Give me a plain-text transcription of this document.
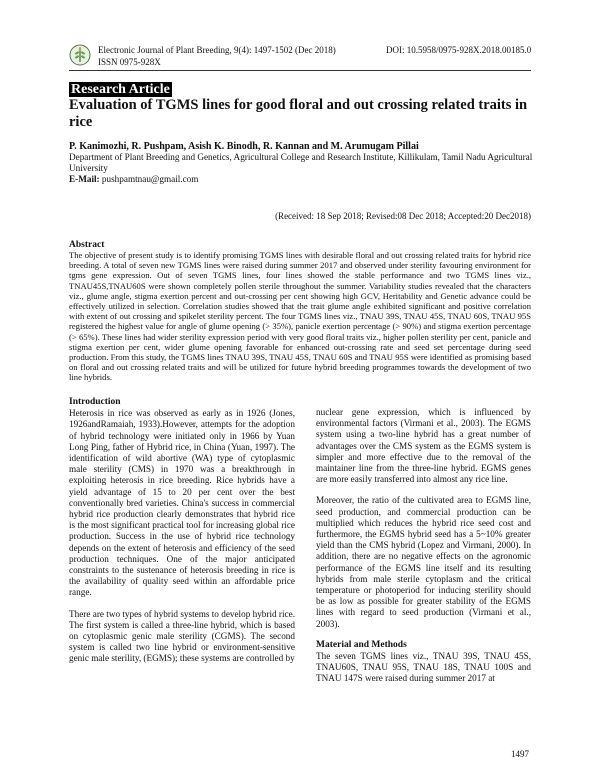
Electronic Journal of Plant Breeding, 9(4): 1497-1502 (Dec 2018)
ISSN 0975-928X
DOI: 10.5958/0975-928X.2018.00185.0
Research Article
Evaluation of TGMS lines for good floral and out crossing related traits in rice
P. Kanimozhi, R. Pushpam, Asish K. Binodh, R. Kannan and M. Arumugam Pillai
Department of Plant Breeding and Genetics, Agricultural College and Research Institute, Killikulam, Tamil Nadu Agricultural University
E-Mail: pushpamtnau@gmail.com
(Received: 18 Sep 2018; Revised:08 Dec 2018; Accepted:20 Dec2018)
Abstract

The objective of present study is to identify promising TGMS lines with desirable floral and out crossing related traits for hybrid rice breeding. A total of seven new TGMS lines were raised during summer 2017 and observed under sterility favouring environment for tgms gene expression. Out of seven TGMS lines, four lines showed the stable performance and two TGMS lines viz., TNAU45S,TNAU60S were shown completely pollen sterile throughout the summer. Variability studies revealed that the characters viz., glume angle, stigma exertion percent and out-crossing per cent showing high GCV, Heritability and Genetic advance could be effectively utilized in selection. Correlation studies showed that the trait glume angle exhibited significant and positive correlation with extent of out crossing and spikelet sterility percent. The four TGMS lines viz., TNAU 39S, TNAU 45S, TNAU 60S, TNAU 95S registered the highest value for angle of glume opening (> 35%), panicle exertion percentage (> 90%) and stigma exertion percentage (> 65%). These lines had wider sterility expression period with very good floral traits viz., higher pollen sterility per cent, panicle and stigma exertion per cent, wider glume opening favorable for enhanced out-crossing rate and seed set percentage during seed production. From this study, the TGMS lines TNAU 39S, TNAU 45S, TNAU 60S and TNAU 95S were identified as promising based on floral and out crossing related traits and will be utilized for future hybrid breeding programmes towards the development of two line hybrids.

Introduction

Heterosis in rice was observed as early as in 1926 (Jones, 1926andRamaiah, 1933).However, attempts for the adoption of hybrid technology were initiated only in 1966 by Yuan Long Ping, father of Hybrid rice, in China (Yuan, 1997). The identification of wild abortive (WA) type of cytoplasmic male sterility (CMS) in 1970 was a breakthrough in exploiting heterosis in rice breeding. Rice hybrids have a yield advantage of 15 to 20 per cent over the best conventionally bred varieties. China's success in commercial hybrid rice production clearly demonstrates that hybrid rice is the most significant practical tool for increasing global rice production. Success in the use of hybrid rice technology depends on the extent of heterosis and efficiency of the seed production techniques. One of the major anticipated constraints to the sustenance of heterosis breeding in rice is the availability of quality seed within an affordable price range.

There are two types of hybrid systems to develop hybrid rice. The first system is called a three-line hybrid, which is based on cytoplasmic genic male sterility (CGMS). The second system is called two line hybrid or environment-sensitive genic male sterility, (EGMS); these systems are controlled by

nuclear gene expression, which is influenced by environmental factors (Virmani et al., 2003). The EGMS system using a two-line hybrid has a great number of advantages over the CMS system as the EGMS system is simpler and more effective due to the removal of the maintainer line from the three-line hybrid. EGMS genes are more easily transferred into almost any rice line.

Moreover, the ratio of the cultivated area to EGMS line, seed production, and commercial production can be multiplied which reduces the hybrid rice seed cost and furthermore, the EGMS hybrid seed has a 5~10% greater yield than the CMS hybrid (Lopez and Virmani, 2000). In addition, there are no negative effects on the agronomic performance of the EGMS line itself and its resulting hybrids from male sterile cytoplasm and the critical temperature or photoperiod for inducing sterility should be as low as possible for greater stability of the EGMS lines with regard to seed production (Virmani et al., 2003).

Material and Methods

The seven TGMS lines viz., TNAU 39S, TNAU 45S, TNAU60S, TNAU 95S, TNAU 18S, TNAU 100S and TNAU 147S were raised during summer 2017 at

1497
